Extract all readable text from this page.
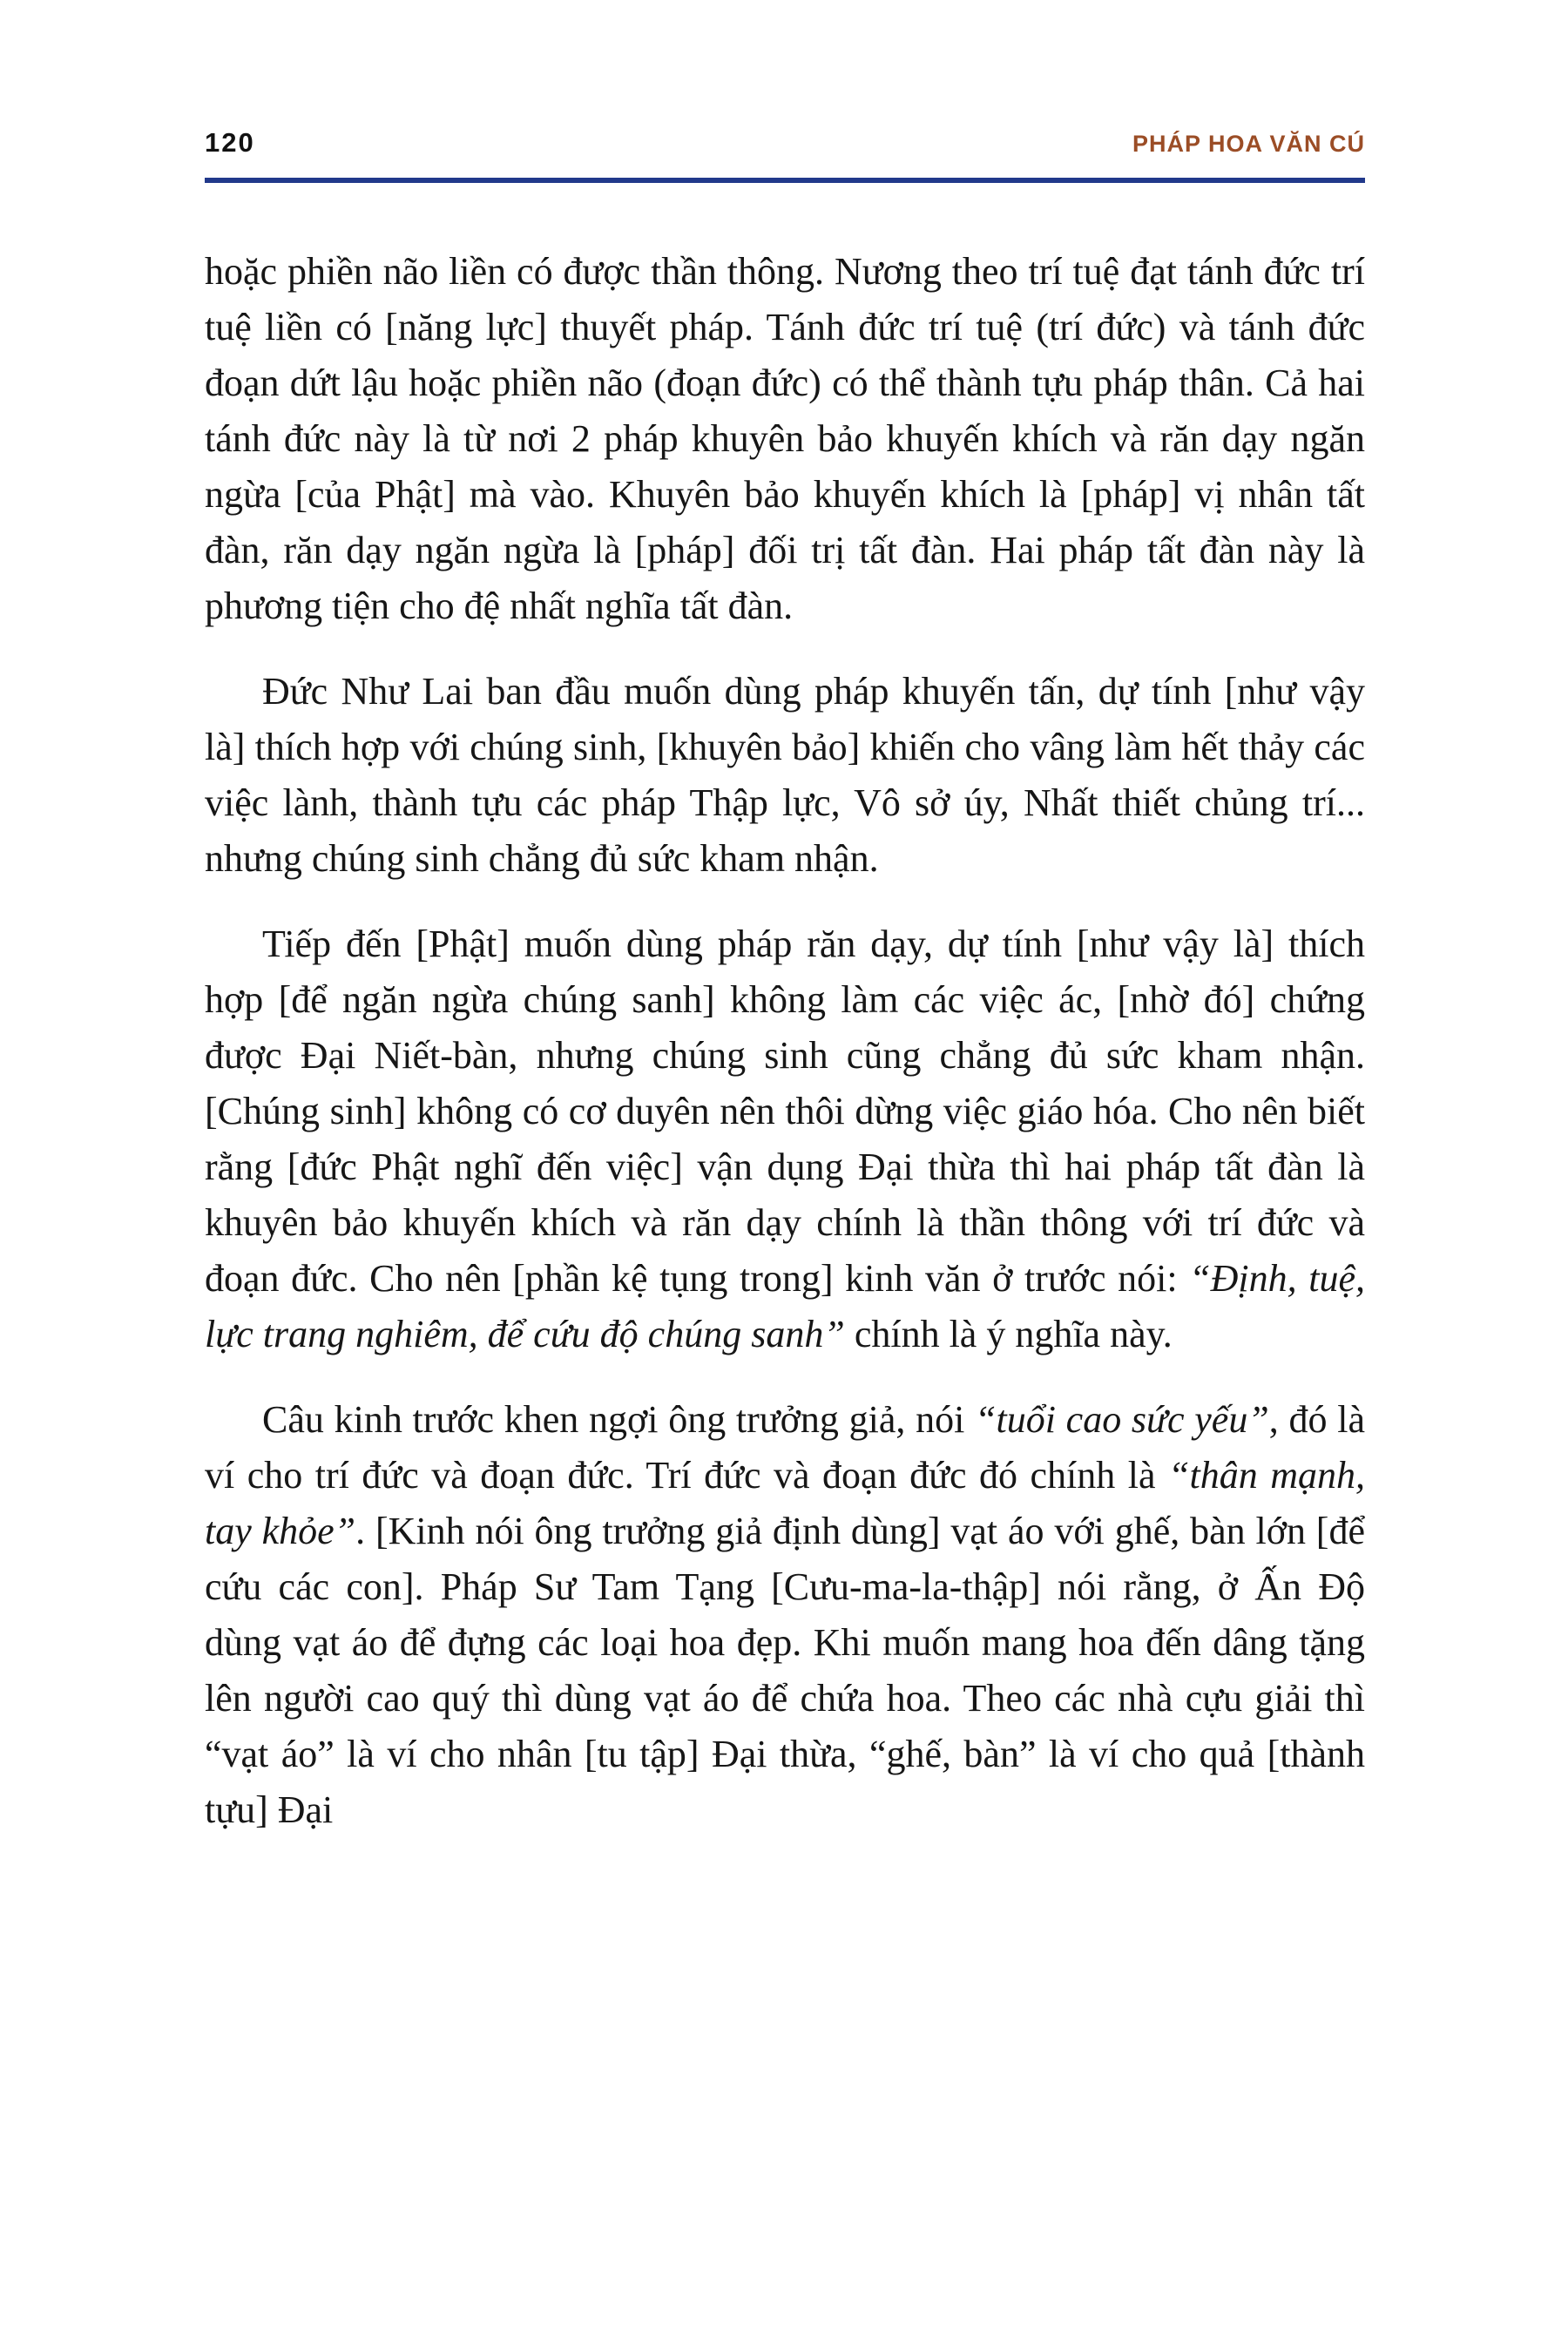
120	PHÁP HOA VĂN CÚ

hoặc phiền não liền có được thần thông. Nương theo trí tuệ đạt tánh đức trí tuệ liền có [năng lực] thuyết pháp. Tánh đức trí tuệ (trí đức) và tánh đức đoạn dứt lậu hoặc phiền não (đoạn đức) có thể thành tựu pháp thân. Cả hai tánh đức này là từ nơi 2 pháp khuyên bảo khuyến khích và răn dạy ngăn ngừa [của Phật] mà vào. Khuyên bảo khuyến khích là [pháp] vị nhân tất đàn, răn dạy ngăn ngừa là [pháp] đối trị tất đàn. Hai pháp tất đàn này là phương tiện cho đệ nhất nghĩa tất đàn.

Đức Như Lai ban đầu muốn dùng pháp khuyến tấn, dự tính [như vậy là] thích hợp với chúng sinh, [khuyên bảo] khiến cho vâng làm hết thảy các việc lành, thành tựu các pháp Thập lực, Vô sở úy, Nhất thiết chủng trí... nhưng chúng sinh chẳng đủ sức kham nhận.

Tiếp đến [Phật] muốn dùng pháp răn dạy, dự tính [như vậy là] thích hợp [để ngăn ngừa chúng sanh] không làm các việc ác, [nhờ đó] chứng được Đại Niết-bàn, nhưng chúng sinh cũng chẳng đủ sức kham nhận. [Chúng sinh] không có cơ duyên nên thôi dừng việc giáo hóa. Cho nên biết rằng [đức Phật nghĩ đến việc] vận dụng Đại thừa thì hai pháp tất đàn là khuyên bảo khuyến khích và răn dạy chính là thần thông với trí đức và đoạn đức. Cho nên [phần kệ tụng trong] kinh văn ở trước nói: “Định, tuệ, lực trang nghiêm, để cứu độ chúng sanh” chính là ý nghĩa này.

Câu kinh trước khen ngợi ông trưởng giả, nói “tuổi cao sức yếu”, đó là ví cho trí đức và đoạn đức. Trí đức và đoạn đức đó chính là “thân mạnh, tay khỏe”. [Kinh nói ông trưởng giả định dùng] vạt áo với ghế, bàn lớn [để cứu các con]. Pháp Sư Tam Tạng [Cưu-ma-la-thập] nói rằng, ở Ấn Độ dùng vạt áo để đựng các loại hoa đẹp. Khi muốn mang hoa đến dâng tặng lên người cao quý thì dùng vạt áo để chứa hoa. Theo các nhà cựu giải thì “vạt áo” là ví cho nhân [tu tập] Đại thừa, “ghế, bàn” là ví cho quả [thành tựu] Đại
